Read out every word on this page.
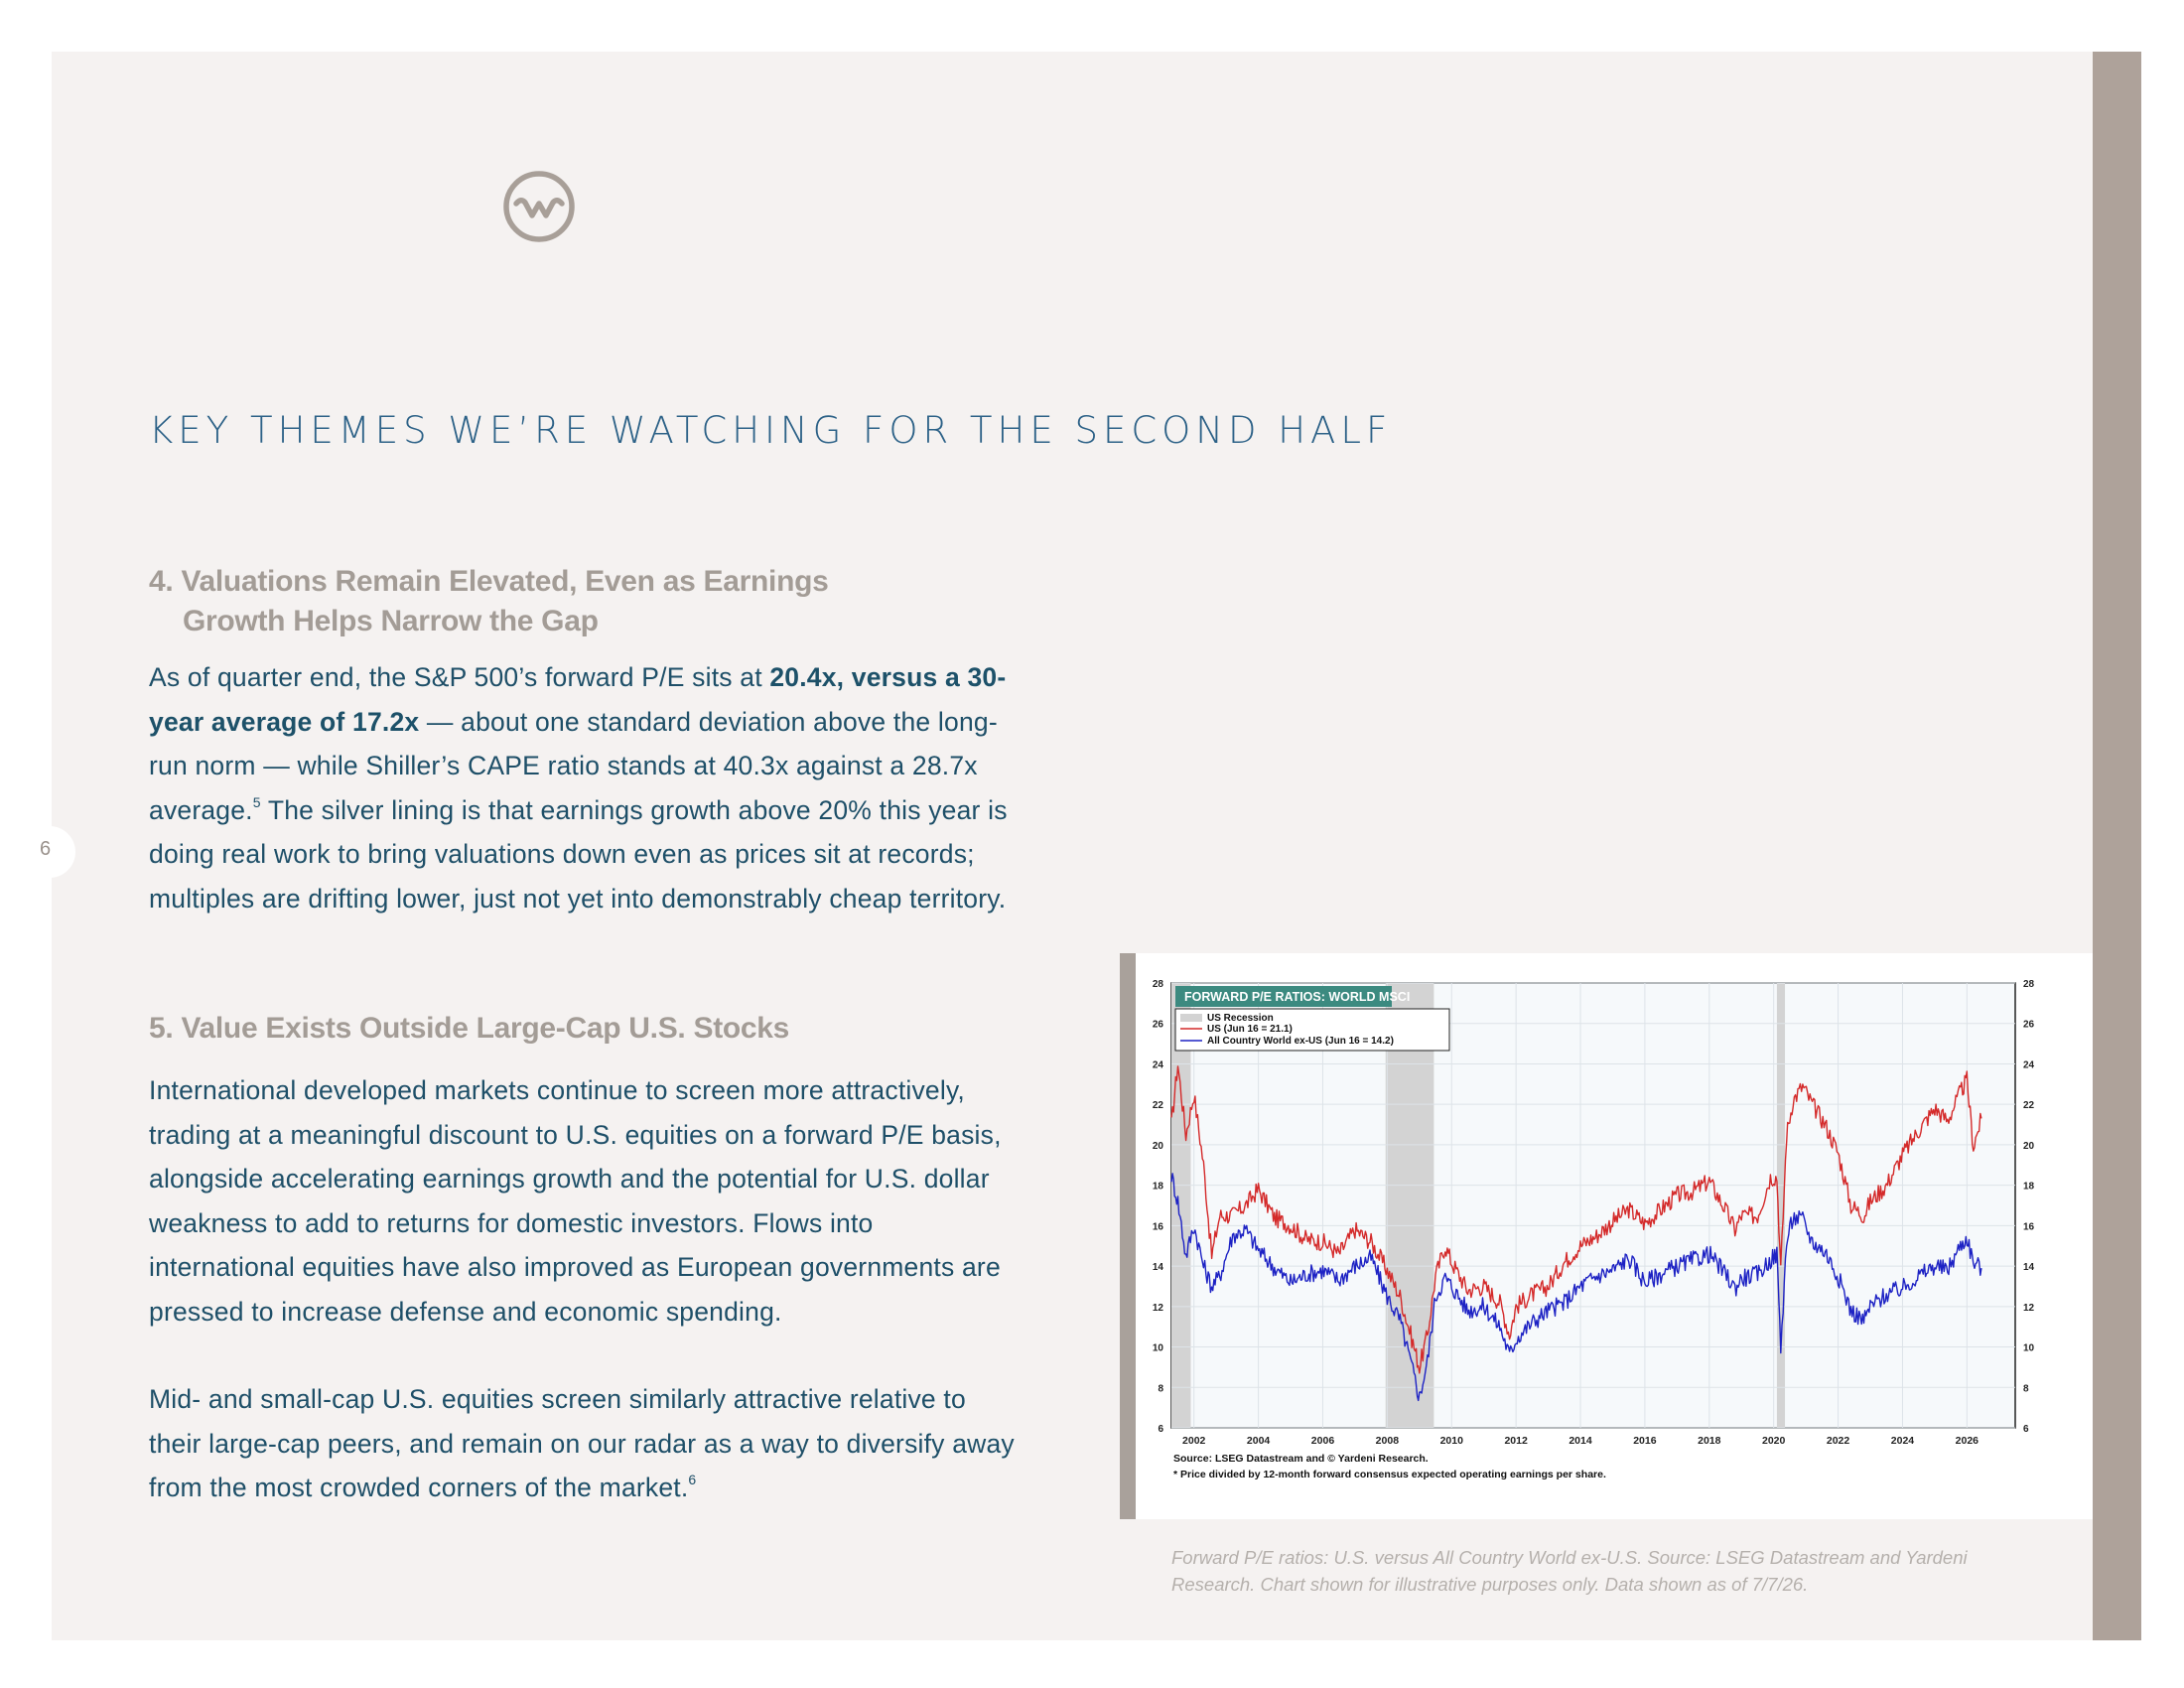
KEY THEMES WE’RE WATCHING FOR THE SECOND HALF
6
4. Valuations Remain Elevated, Even as Earnings
Growth Helps Narrow the Gap

As of quarter end, the S&P 500’s forward P/E sits at 20.4x, versus a 30-year average of 17.2x — about one standard deviation above the long-run norm — while Shiller’s CAPE ratio stands at 40.3x against a 28.7x average.$^5$ The silver lining is that earnings growth above 20% this year is doing real work to bring valuations down even as prices sit at records; multiples are drifting lower, just not yet into demonstrably cheap territory.

5. Value Exists Outside Large-Cap U.S. Stocks

International developed markets continue to screen more attractively, trading at a meaningful discount to U.S. equities on a forward P/E basis, alongside accelerating earnings growth and the potential for U.S. dollar weakness to add to returns for domestic investors. Flows into international equities have also improved as European governments are pressed to increase defense and economic spending.

Mid- and small-cap U.S. equities screen similarly attractive relative to their large-cap peers, and remain on our radar as a way to diversify away from the most crowded corners of the market.$^6$

6	6
8	8
10	10
12	12
14	14
16	16
18	18
20	20
22	22
24	24
26	26
28	28
2002	2004	2006	2008	2010	2012	2014	2016	2018	2020	2022	2024	2026
FORWARD P/E RATIOS: WORLD MSCI
US Recession
US (Jun 16 = 21.1)
All Country World ex-US (Jun 16 = 14.2)
Source: LSEG Datastream and © Yardeni Research.
* Price divided by 12-month forward consensus expected operating earnings per share.

Forward P/E ratios: U.S. versus All Country World ex-U.S. Source: LSEG Datastream and Yardeni Research. Chart shown for illustrative purposes only. Data shown as of 7/7/26.
